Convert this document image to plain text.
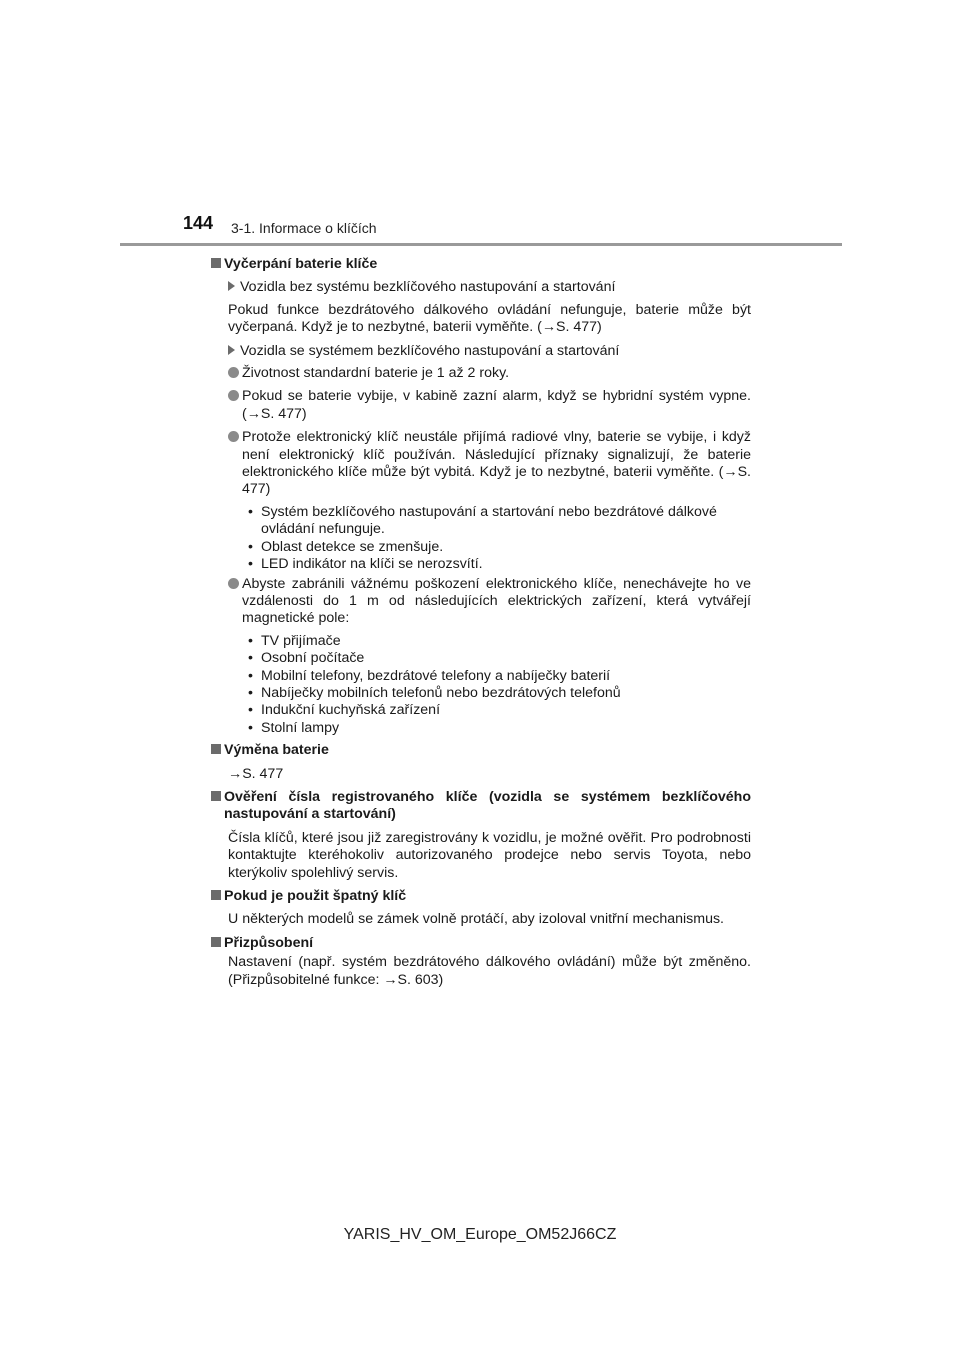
144 3-1. Informace o klíčích
Vyčerpání baterie klíče
Vozidla bez systému bezklíčového nastupování a startování
Pokud funkce bezdrátového dálkového ovládání nefunguje, baterie může být vyčerpaná. Když je to nezbytné, baterii vyměňte. (→S. 477)
Vozidla se systémem bezklíčového nastupování a startování
Životnost standardní baterie je 1 až 2 roky.
Pokud se baterie vybije, v kabině zazní alarm, když se hybridní systém vypne. (→S. 477)
Protože elektronický klíč neustále přijímá radiové vlny, baterie se vybije, i když není elektronický klíč používán. Následující příznaky signalizují, že baterie elektronického klíče může být vybitá. Když je to nezbytné, baterii vyměňte. (→S. 477)
• Systém bezklíčového nastupování a startování nebo bezdrátové dálkové ovládání nefunguje.
• Oblast detekce se zmenšuje.
• LED indikátor na klíči se nerozsvítí.
Abyste zabránili vážnému poškození elektronického klíče, nenechávejte ho ve vzdálenosti do 1 m od následujících elektrických zařízení, která vytvářejí magnetické pole:
• TV přijímače
• Osobní počítače
• Mobilní telefony, bezdrátové telefony a nabíječky baterií
• Nabíječky mobilních telefonů nebo bezdrátových telefonů
• Indukční kuchyňská zařízení
• Stolní lampy
Výměna baterie
→S. 477
Ověření čísla registrovaného klíče (vozidla se systémem bezklíčového nastupování a startování)
Čísla klíčů, které jsou již zaregistrovány k vozidlu, je možné ověřit. Pro podrobnosti kontaktujte kteréhokoliv autorizovaného prodejce nebo servis Toyota, nebo kterýkoliv spolehlivý servis.
Pokud je použit špatný klíč
U některých modelů se zámek volně protáčí, aby izoloval vnitřní mechanismus.
Přizpůsobení
Nastavení (např. systém bezdrátového dálkového ovládání) může být změněno. (Přizpůsobitelné funkce: →S. 603)
YARIS_HV_OM_Europe_OM52J66CZ
